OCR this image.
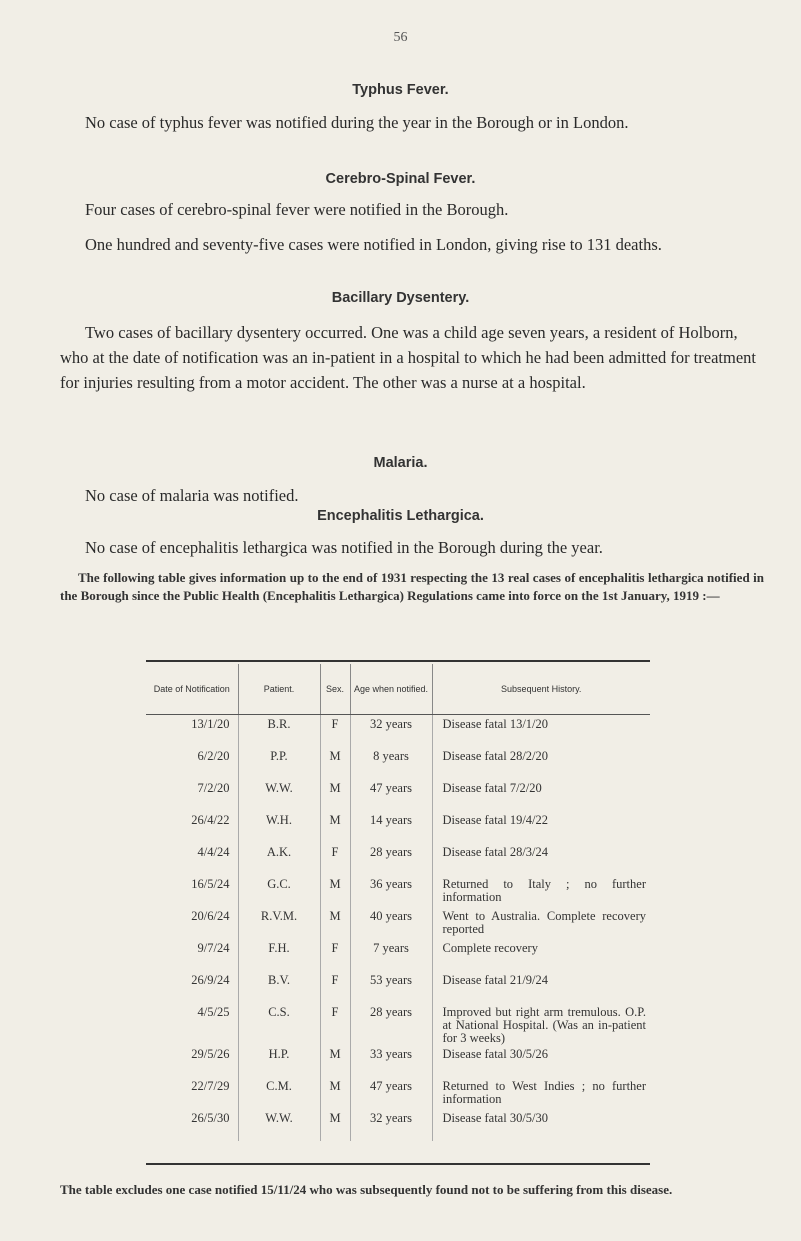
56
Typhus Fever.

No case of typhus fever was notified during the year in the Borough or in London.

Cerebro-Spinal Fever.

Four cases of cerebro-spinal fever were notified in the Borough.

One hundred and seventy-five cases were notified in London, giving rise to 131 deaths.

Bacillary Dysentery.

Two cases of bacillary dysentery occurred. One was a child age seven years, a resident of Holborn, who at the date of notification was an in-patient in a hospital to which he had been admitted for treatment for injuries resulting from a motor accident. The other was a nurse at a hospital.

Malaria.

No case of malaria was notified.

Encephalitis Lethargica.

No case of encephalitis lethargica was notified in the Borough during the year.

The following table gives information up to the end of 1931 respecting the 13 real cases of encephalitis lethargica notified in the Borough since the Public Health (Encephalitis Lethargica) Regulations came into force on the 1st January, 1919 :—

Date of Notification	Patient.	Sex.	Age when notified.	Subsequent History.
13/1/20	B.R.	F	32 years	Disease fatal 13/1/20
6/2/20	P.P.	M	8 years	Disease fatal 28/2/20
7/2/20	W.W.	M	47 years	Disease fatal 7/2/20
26/4/22	W.H.	M	14 years	Disease fatal 19/4/22
4/4/24	A.K.	F	28 years	Disease fatal 28/3/24
16/5/24	G.C.	M	36 years	Returned to Italy ; no further information
20/6/24	R.V.M.	M	40 years	Went to Australia. Complete recovery reported
9/7/24	F.H.	F	7 years	Complete recovery
26/9/24	B.V.	F	53 years	Disease fatal 21/9/24
4/5/25	C.S.	F	28 years	Improved but right arm tremulous. O.P. at National Hospital. (Was an in-patient for 3 weeks)
29/5/26	H.P.	M	33 years	Disease fatal 30/5/26
22/7/29	C.M.	M	47 years	Returned to West Indies ; no further information
26/5/30	W.W.	M	32 years	Disease fatal 30/5/30

The table excludes one case notified 15/11/24 who was subsequently found not to be suffering from this disease.
